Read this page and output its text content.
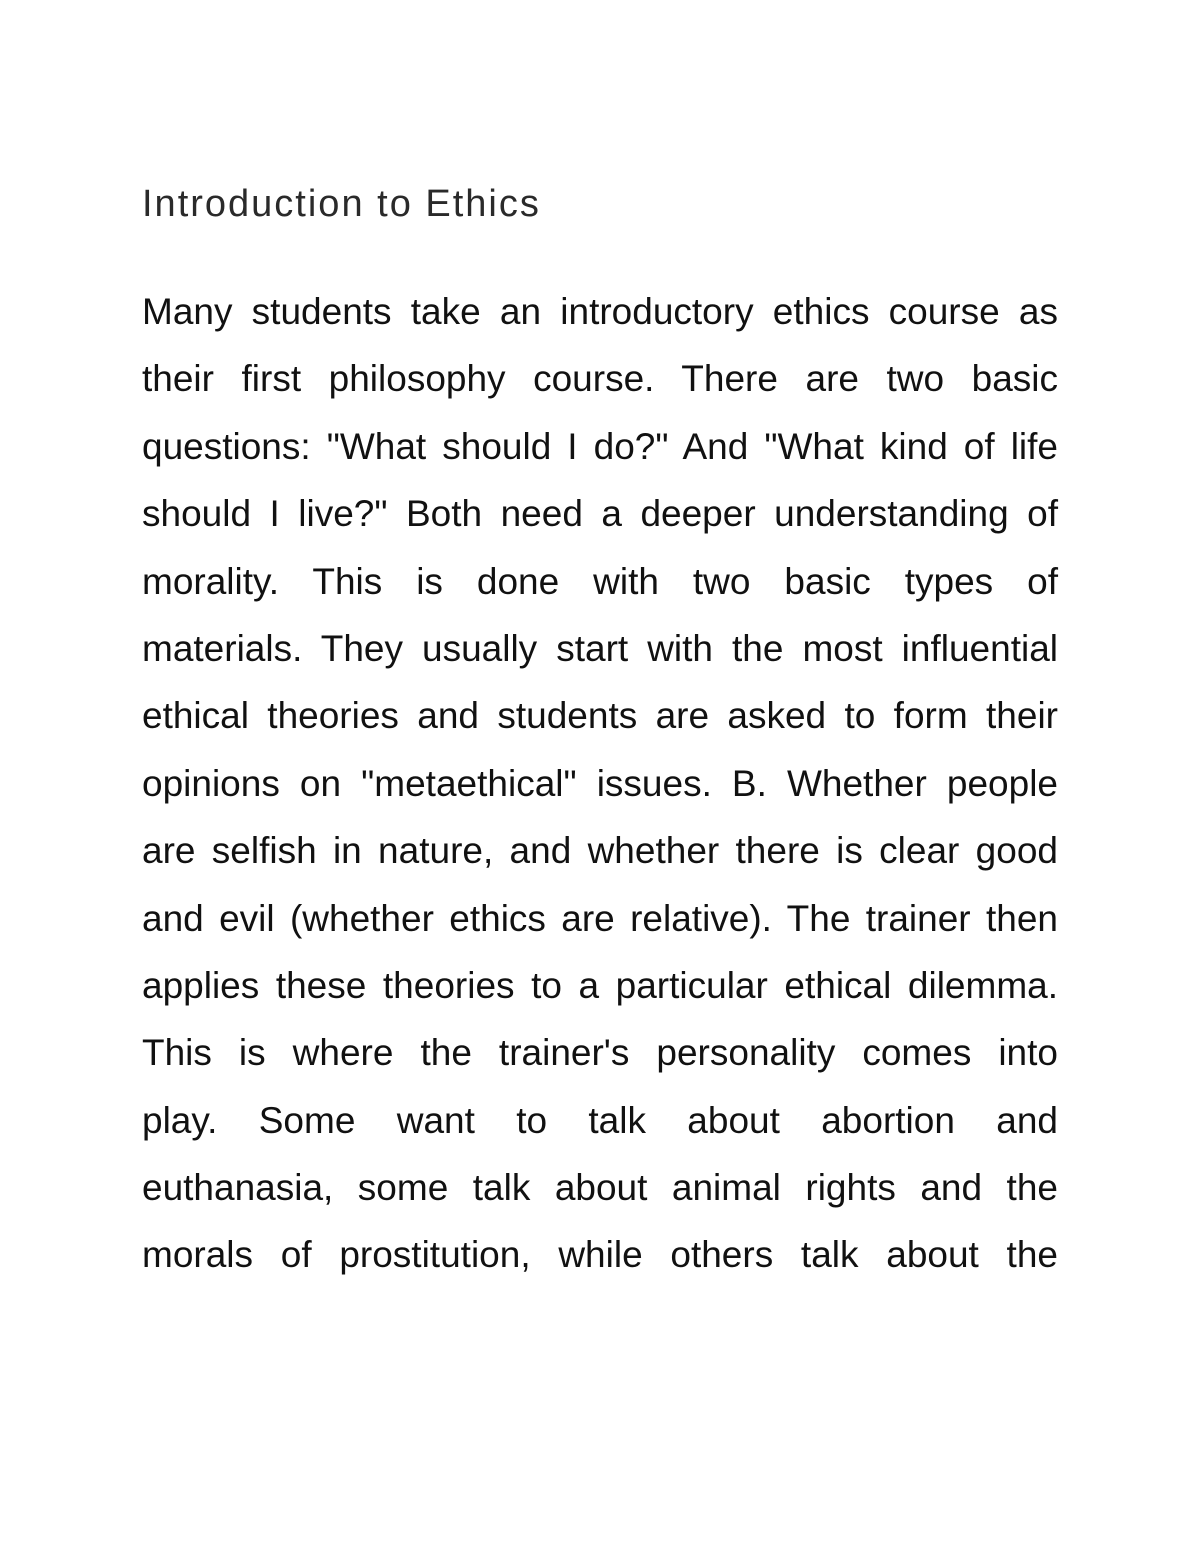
Introduction to Ethics
Many students take an introductory ethics course as
their first philosophy course. There are two basic
questions: "What should I do?" And "What kind of life
should I live?" Both need a deeper understanding of
morality. This is done with two basic types of
materials. They usually start with the most influential
ethical theories and students are asked to form their
opinions on "metaethical" issues. B. Whether people
are selfish in nature, and whether there is clear good
and evil (whether ethics are relative). The trainer then
applies these theories to a particular ethical dilemma.
This is where the trainer's personality comes into
play. Some want to talk about abortion and
euthanasia, some talk about animal rights and the
morals of prostitution, while others talk about the
